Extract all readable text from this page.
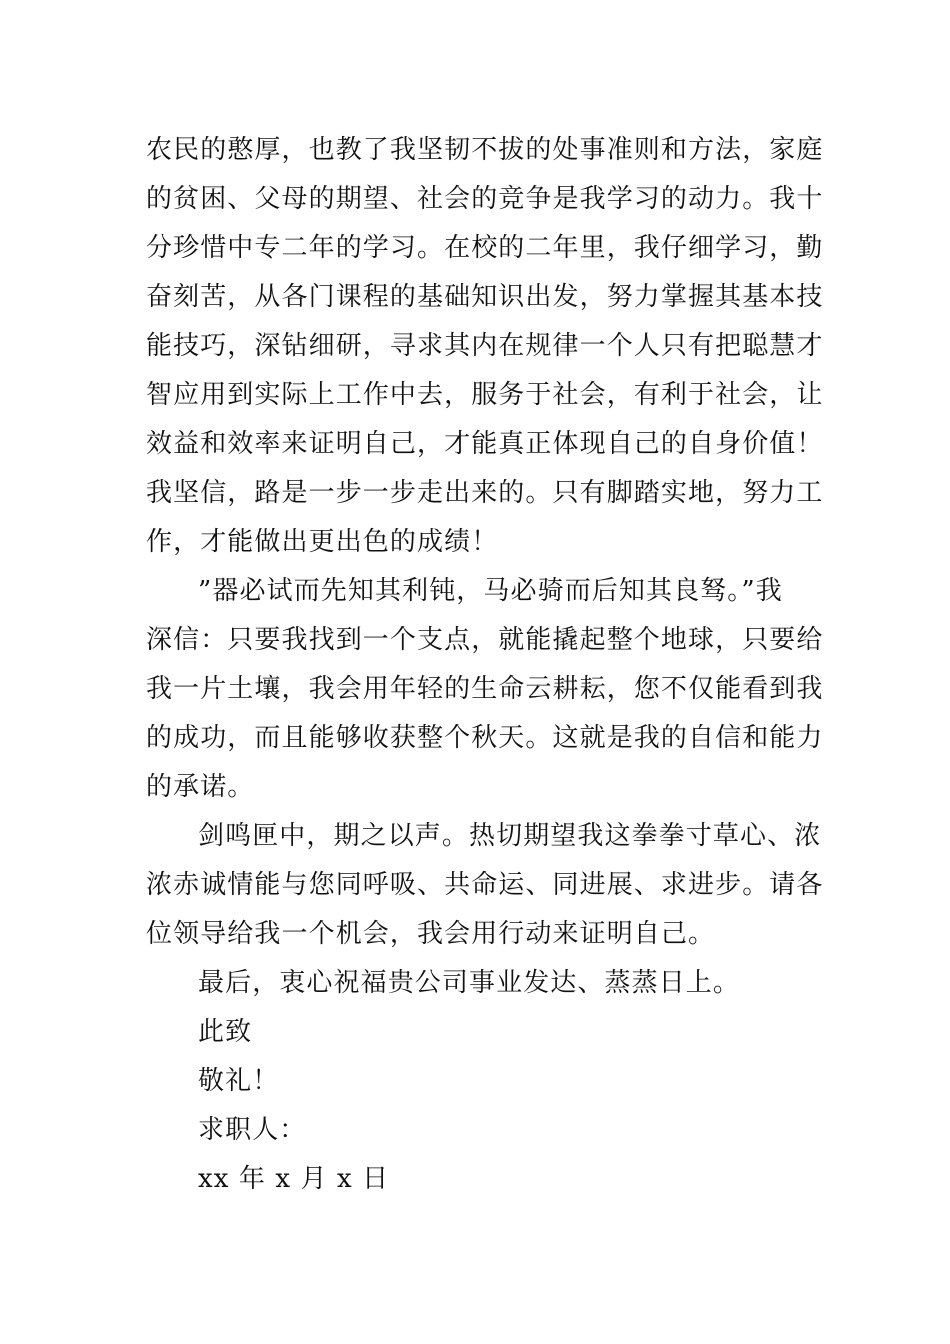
农民的憨厚，也教了我坚韧不拔的处事准则和方法，家庭
的贫困、父母的期望、社会的竞争是我学习的动力。我十
分珍惜中专二年的学习。在校的二年里，我仔细学习，勤
奋刻苦，从各门课程的基础知识出发，努力掌握其基本技
能技巧，深钻细研，寻求其内在规律一个人只有把聪慧才
智应用到实际上工作中去，服务于社会，有利于社会，让
效益和效率来证明自己，才能真正体现自己的自身价值！
我坚信，路是一步一步走出来的。只有脚踏实地，努力工
作，才能做出更出色的成绩！
”器必试而先知其利钝，马必骑而后知其良驽。”我
深信：只要我找到一个支点，就能撬起整个地球，只要给
我一片土壤，我会用年轻的生命云耕耘，您不仅能看到我
的成功，而且能够收获整个秋天。这就是我的自信和能力
的承诺。
剑鸣匣中，期之以声。热切期望我这拳拳寸草心、浓
浓赤诚情能与您同呼吸、共命运、同进展、求进步。请各
位领导给我一个机会，我会用行动来证明自己。
最后，衷心祝福贵公司事业发达、蒸蒸日上。
此致
敬礼！
求职人：
xx 年 x 月 x 日
